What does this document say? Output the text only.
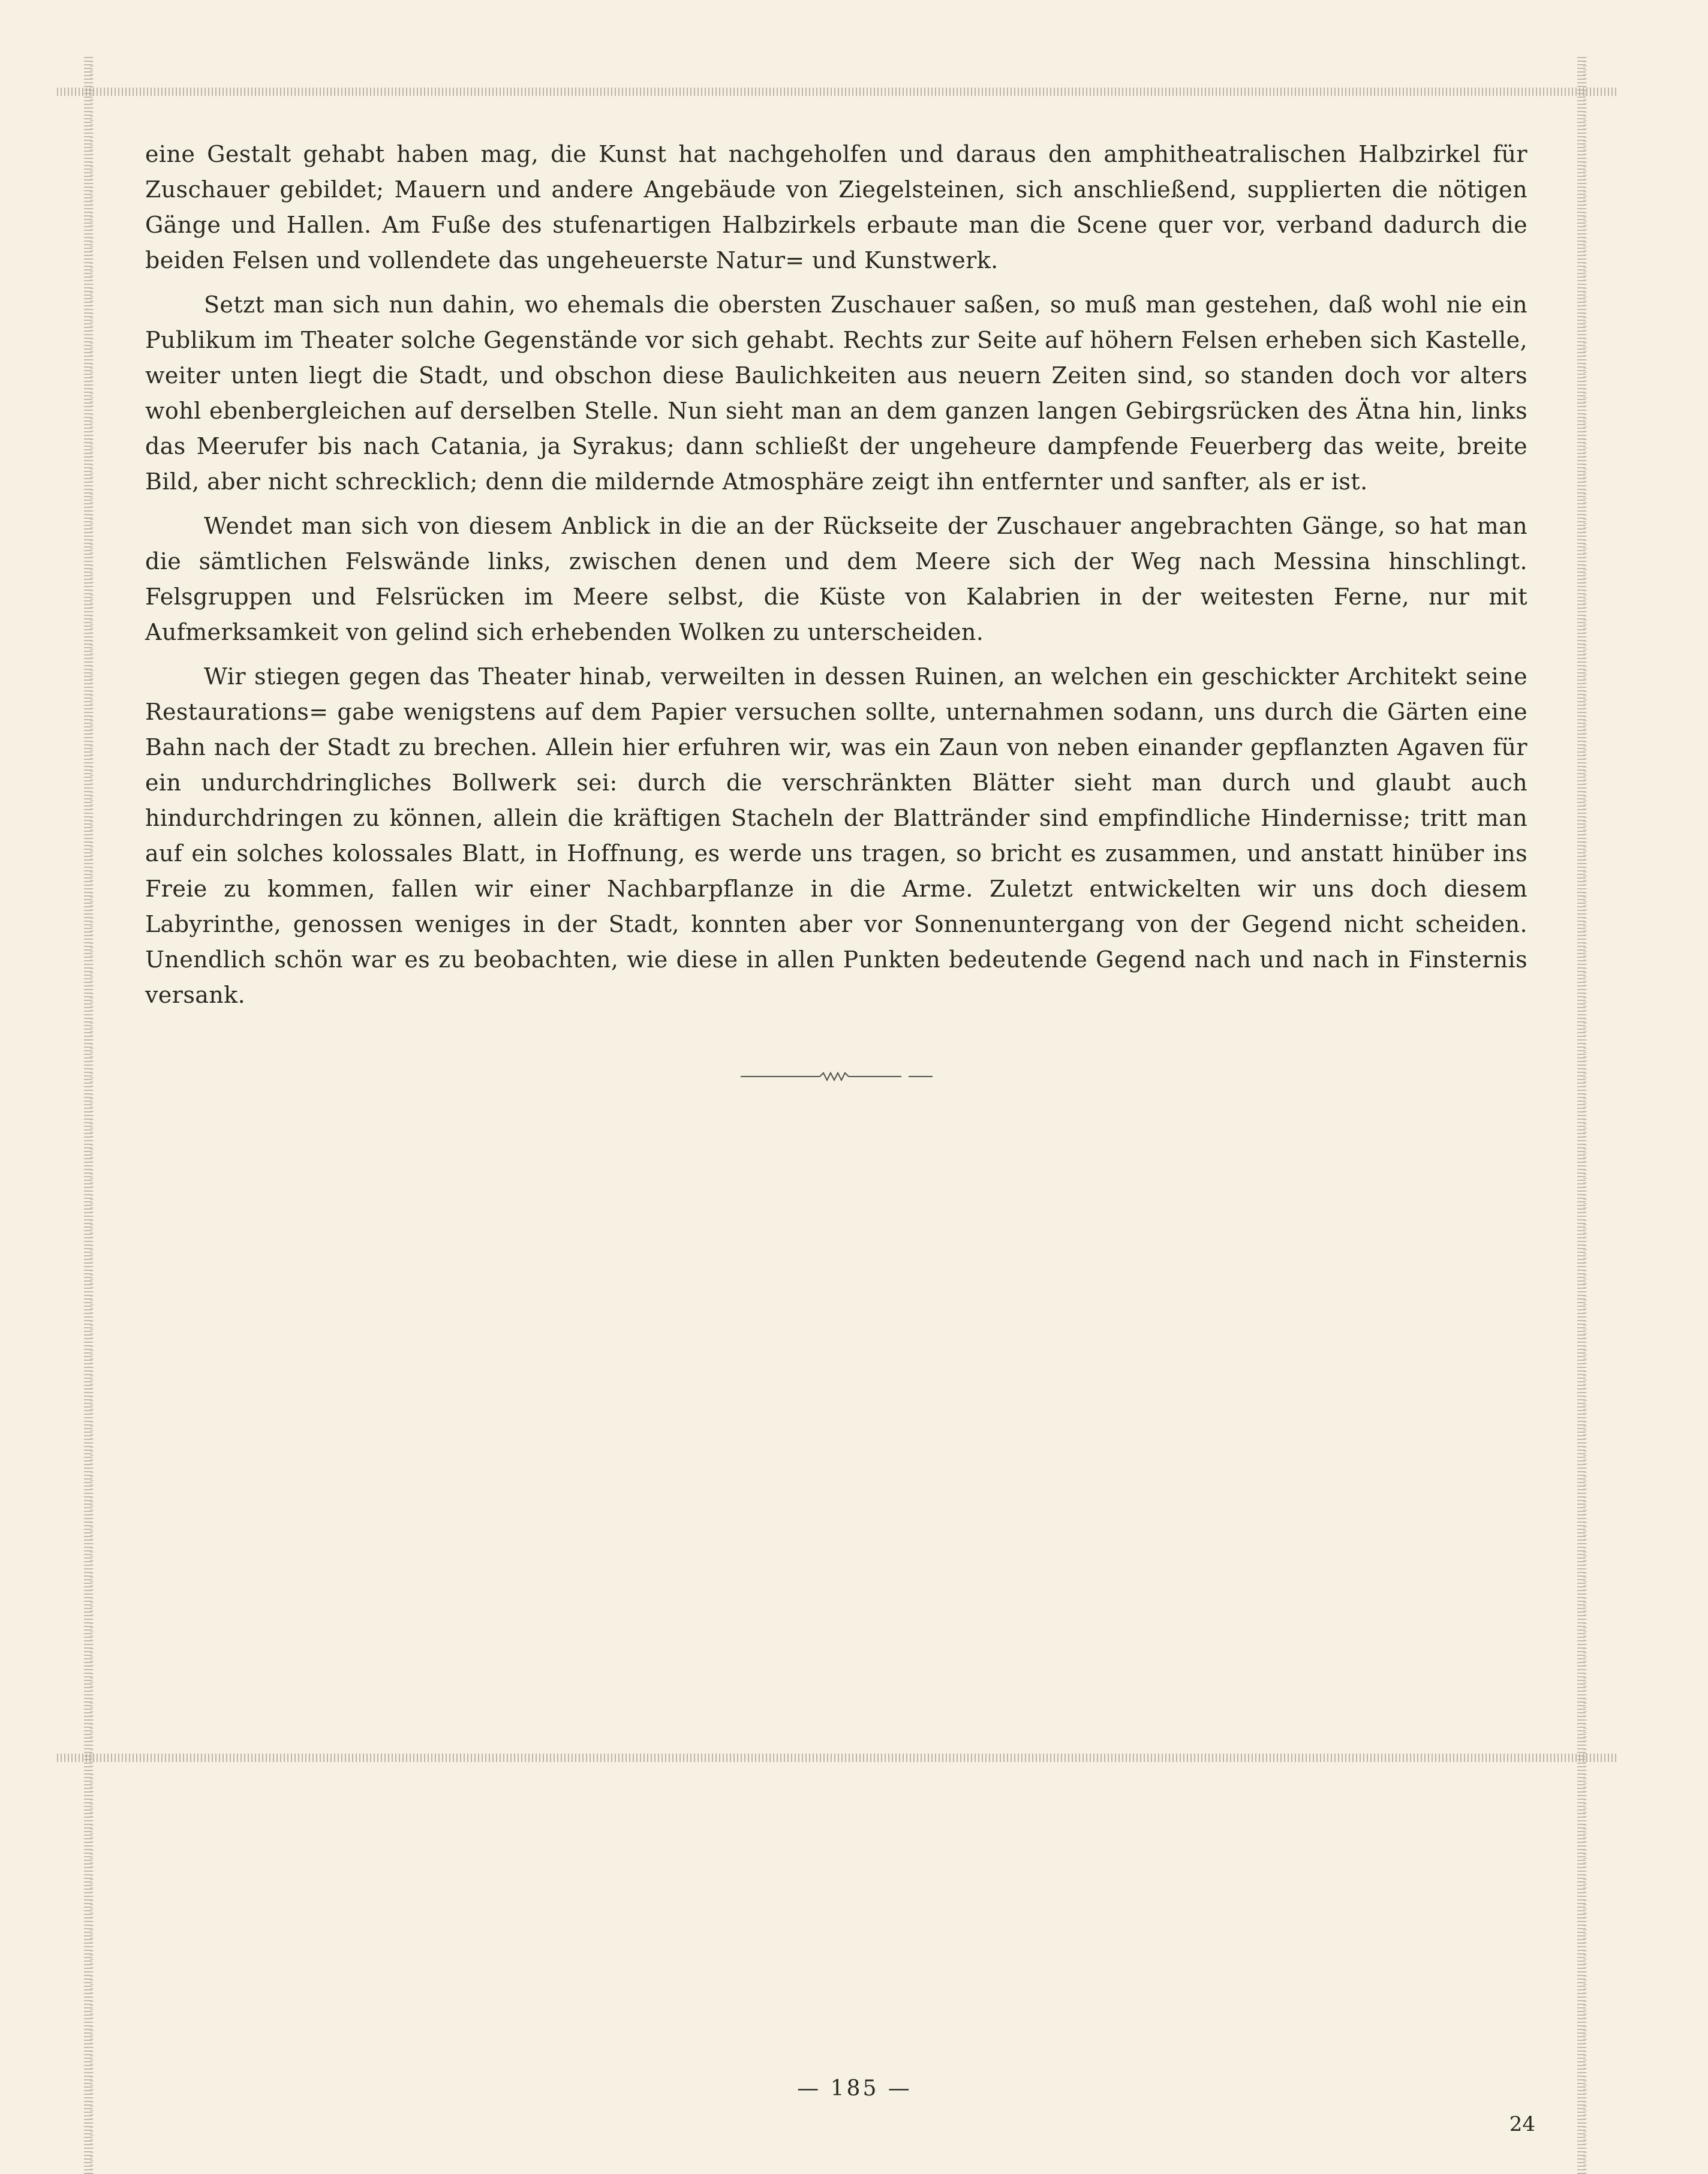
eine Gestalt gehabt haben mag, die Kunst hat nachgeholfen und daraus den amphitheatralischen Halbzirkel für Zuschauer gebildet; Mauern und andere Angebäude von Ziegelsteinen, sich anschließend, supplierten die nötigen Gänge und Hallen. Am Fuße des stufenartigen Halbzirkels erbaute man die Scene quer vor, verband dadurch die beiden Felsen und vollendete das ungeheuerste Natur= und Kunstwerk.

Setzt man sich nun dahin, wo ehemals die obersten Zuschauer saßen, so muß man gestehen, daß wohl nie ein Publikum im Theater solche Gegenstände vor sich gehabt. Rechts zur Seite auf höhern Felsen erheben sich Kastelle, weiter unten liegt die Stadt, und obschon diese Baulichkeiten aus neuern Zeiten sind, so standen doch vor alters wohl ebenbergleichen auf derselben Stelle. Nun sieht man an dem ganzen langen Gebirgsrücken des Ätna hin, links das Meerufer bis nach Catania, ja Syrakus; dann schließt der ungeheure dampfende Feuerberg das weite, breite Bild, aber nicht schrecklich; denn die mildernde Atmosphäre zeigt ihn entfernter und sanfter, als er ist.

Wendet man sich von diesem Anblick in die an der Rückseite der Zuschauer angebrachten Gänge, so hat man die sämtlichen Felswände links, zwischen denen und dem Meere sich der Weg nach Messina hinschlingt. Felsgruppen und Felsrücken im Meere selbst, die Küste von Kalabrien in der weitesten Ferne, nur mit Aufmerksamkeit von gelind sich erhebenden Wolken zu unterscheiden.

Wir stiegen gegen das Theater hinab, verweilten in dessen Ruinen, an welchen ein geschickter Architekt seine Restaurations= gabe wenigstens auf dem Papier versuchen sollte, unternahmen sodann, uns durch die Gärten eine Bahn nach der Stadt zu brechen. Allein hier erfuhren wir, was ein Zaun von neben einander gepflanzten Agaven für ein undurchdringliches Bollwerk sei: durch die verschränkten Blätter sieht man durch und glaubt auch hindurchdringen zu können, allein die kräftigen Stacheln der Blattränder sind empfindliche Hindernisse; tritt man auf ein solches kolossales Blatt, in Hoffnung, es werde uns tragen, so bricht es zusammen, und anstatt hinüber ins Freie zu kommen, fallen wir einer Nachbarpflanze in die Arme. Zuletzt entwickelten wir uns doch diesem Labyrinthe, genossen weniges in der Stadt, konnten aber vor Sonnenuntergang von der Gegend nicht scheiden. Unendlich schön war es zu beobachten, wie diese in allen Punkten bedeutende Gegend nach und nach in Finsternis versank.

— 185 —
24
